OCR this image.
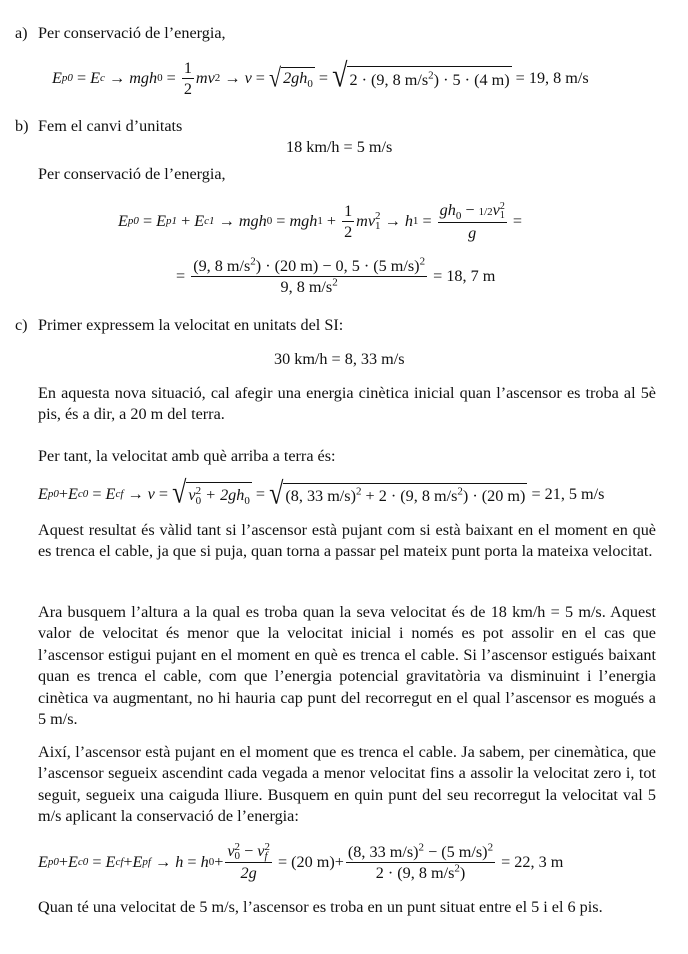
a) Per conservació de l’energia,
E p0 = E c → mgh $0 = \frac{1}{2}$ mv 2 → v = √ $2gh_0$ = √ 2 · (9, 8 $m/s^2) \cdot 5 \cdot (4$ m) = 19, 8 m/s
b) Fem el canvi d’unitats
18 km/h = 5 m/s
Per conservació de l’energia,
E p0 = E p1 + E c1 → mgh 0 = mgh $1 + \frac{1}{2}$ mv 2
1 → h $1 = gh_0 - 1/2v$ 2
1
g =
= $\frac{(9, 8 m/s^2) \cdot (20 m) - 0, 5 \cdot (5 m/s)^2}{9, 8 m/s^2} = 18$, 7 m
c) Primer expressem la velocitat en unitats del SI:
30 km/h = 8, 33 m/s
En aquesta nova situació, cal afegir una energia cinètica inicial quan l’ascensor es troba al 5è pis, és a dir, a 20 m del terra.
Per tant, la velocitat amb què arriba a terra és:
E p0 + E c0 = E cf → v = √ v 2
$0 + 2gh_0$ = √ (8, 33 m/s)$^2$ + 2 · (9, 8 $m/s^2) \cdot (20$ m) = 21, 5 m/s
Aquest resultat és vàlid tant si l’ascensor està pujant com si està baixant en el moment en què es trenca el cable, ja que si puja, quan torna a passar pel mateix punt porta la mateixa velocitat.
Ara busquem l’altura a la qual es troba quan la seva velocitat és de 18 km/h = 5 m/s. Aquest valor de velocitat és menor que la velocitat inicial i només es pot assolir en el cas que l’ascensor estigui pujant en el moment en què es trenca el cable. Si l’ascensor estigués baixant quan es trenca el cable, com que l’energia potencial gravitatòria va disminuint i l’energia cinètica va augmentant, no hi hauria cap punt del recorregut en el qual l’ascensor es mogués a 5 m/s.
Així, l’ascensor està pujant en el moment que es trenca el cable. Ja sabem, per cinemàtica, que l’ascensor segueix ascendint cada vegada a menor velocitat fins a assolir la velocitat zero i, tot seguit, segueix una caiguda lliure. Busquem en quin punt del seu recorregut la velocitat val 5 m/s aplicant la conservació de l’energia:
E p0 + E c0 = E cf + E pf → h = h 0 + v 2
0 − v 2
f
2g = (20 $m) + \frac{(8, 33 m/s)^2 - (5 m/s)^2}{2 \cdot (9, 8 m/s^2)} = 22$, 3 m
Quan té una velocitat de 5 m/s, l’ascensor es troba en un punt situat entre el 5 i el 6 pis.
